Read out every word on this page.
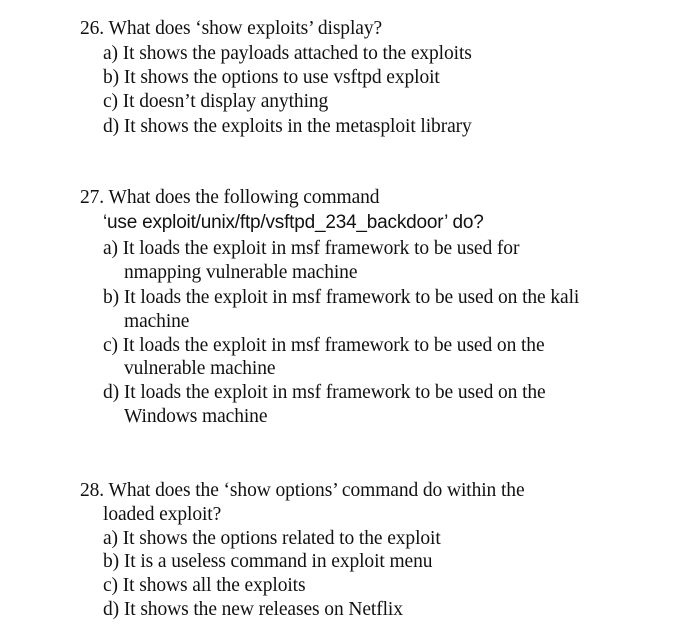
26. What does ‘show exploits’ display?
a) It shows the payloads attached to the exploits
b) It shows the options to use vsftpd exploit
c) It doesn’t display anything
d) It shows the exploits in the metasploit library
27. What does the following command
‘use exploit/unix/ftp/vsftpd_234_backdoor’ do?
a) It loads the exploit in msf framework to be used for
nmapping vulnerable machine
b) It loads the exploit in msf framework to be used on the kali
machine
c) It loads the exploit in msf framework to be used on the
vulnerable machine
d) It loads the exploit in msf framework to be used on the
Windows machine
28. What does the ‘show options’ command do within the
loaded exploit?
a) It shows the options related to the exploit
b) It is a useless command in exploit menu
c) It shows all the exploits
d) It shows the new releases on Netflix
